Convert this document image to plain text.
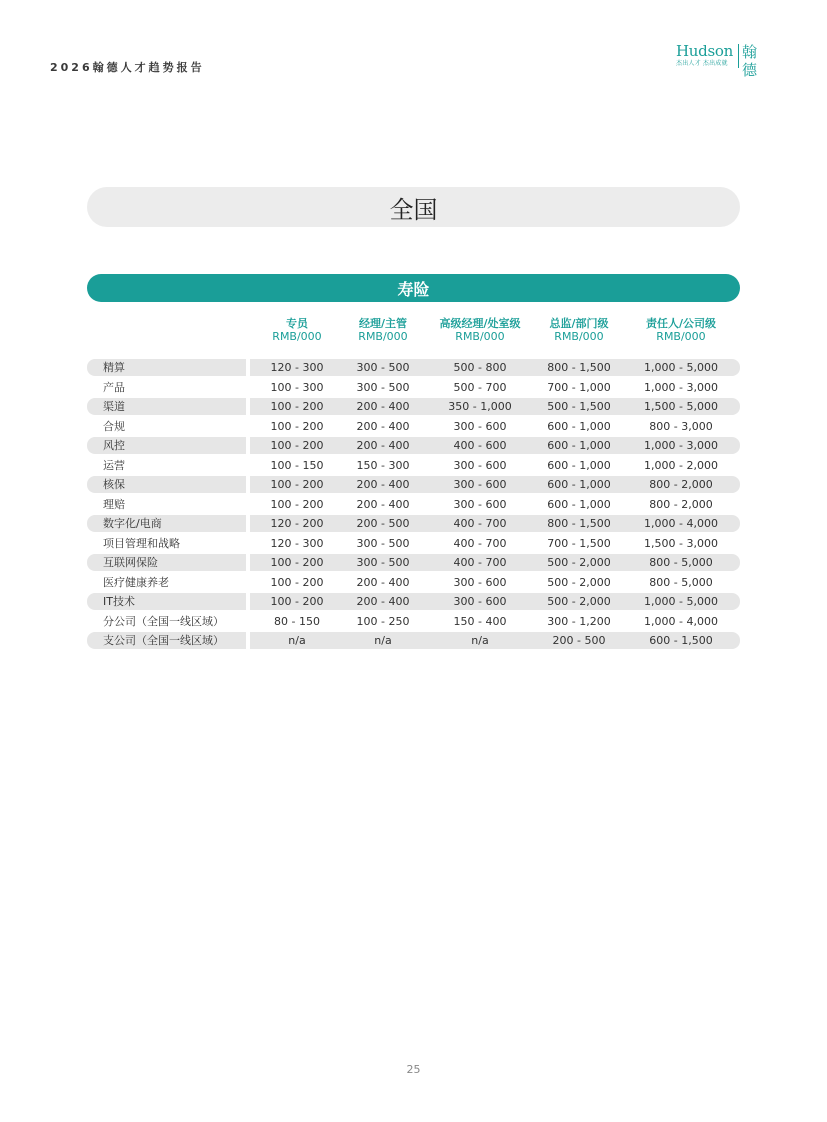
2026翰德人才趋势报告
Hudson
杰出人才 杰出成就
翰德
全国
寿险
专员
RMB/000
经理/主管
RMB/000
高级经理/处室级
RMB/000
总监/部门级
RMB/000
责任人/公司级
RMB/000
精算	120 - 300	300 - 500	500 - 800	800 - 1,500	1,000 - 5,000
产品	100 - 300	300 - 500	500 - 700	700 - 1,000	1,000 - 3,000
渠道	100 - 200	200 - 400	350 - 1,000	500 - 1,500	1,500 - 5,000
合规	100 - 200	200 - 400	300 - 600	600 - 1,000	800 - 3,000
风控	100 - 200	200 - 400	400 - 600	600 - 1,000	1,000 - 3,000
运营	100 - 150	150 - 300	300 - 600	600 - 1,000	1,000 - 2,000
核保	100 - 200	200 - 400	300 - 600	600 - 1,000	800 - 2,000
理赔	100 - 200	200 - 400	300 - 600	600 - 1,000	800 - 2,000
数字化/电商	120 - 200	200 - 500	400 - 700	800 - 1,500	1,000 - 4,000
项目管理和战略	120 - 300	300 - 500	400 - 700	700 - 1,500	1,500 - 3,000
互联网保险	100 - 200	300 - 500	400 - 700	500 - 2,000	800 - 5,000
医疗健康养老	100 - 200	200 - 400	300 - 600	500 - 2,000	800 - 5,000
IT技术	100 - 200	200 - 400	300 - 600	500 - 2,000	1,000 - 5,000
分公司（全国一线区域）	80 - 150	100 - 250	150 - 400	300 - 1,200	1,000 - 4,000
支公司（全国一线区域）	n/a	n/a	n/a	200 - 500	600 - 1,500
25
